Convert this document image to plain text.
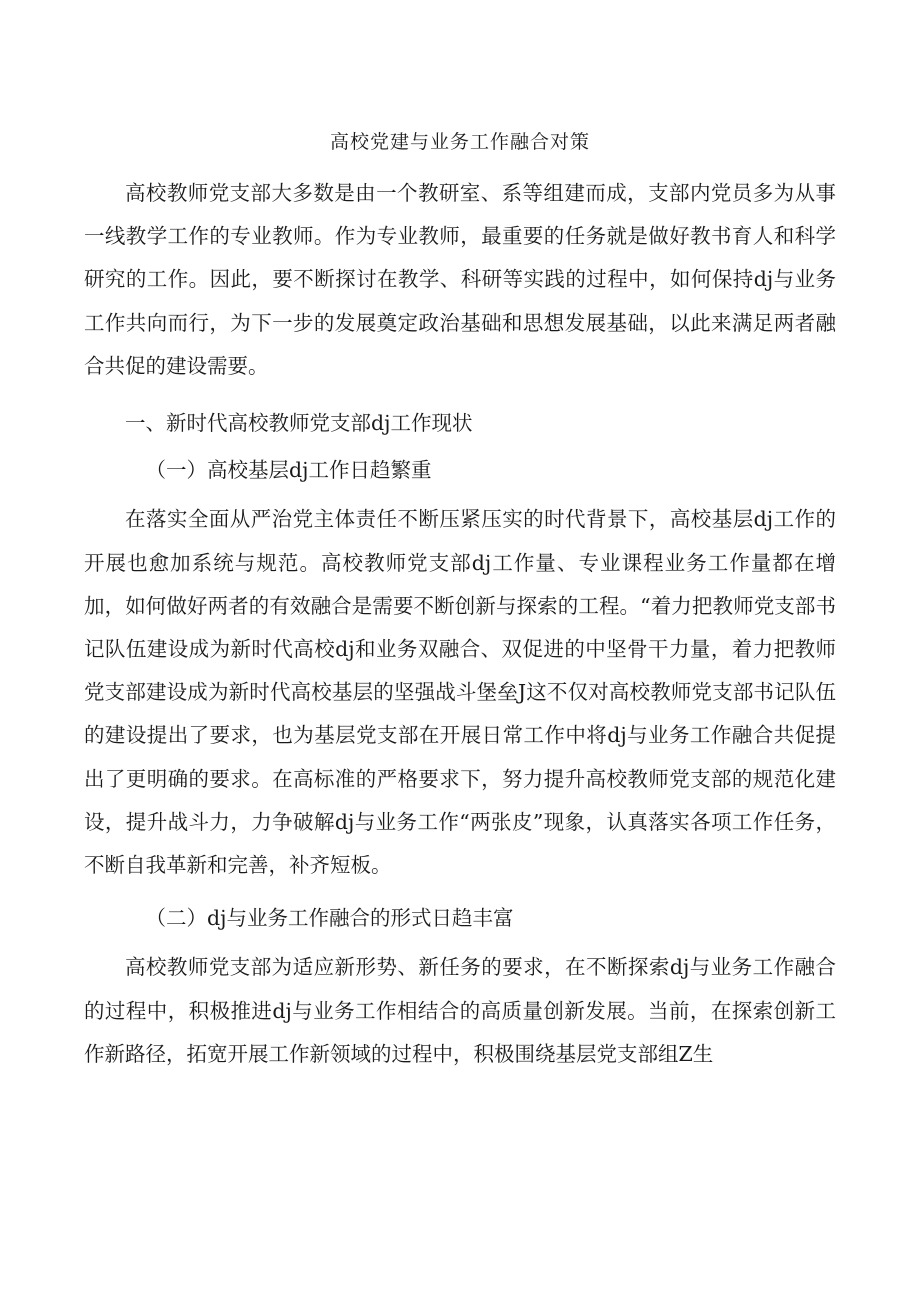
高校党建与业务工作融合对策

高校教师党支部大多数是由一个教研室、系等组建而成，支部内党员多为从事一线教学工作的专业教师。作为专业教师，最重要的任务就是做好教书育人和科学研究的工作。因此，要不断探讨在教学、科研等实践的过程中，如何保持dj与业务工作共向而行，为下一步的发展奠定政治基础和思想发展基础，以此来满足两者融合共促的建设需要。

一、新时代高校教师党支部dj工作现状

（一）高校基层dj工作日趋繁重

在落实全面从严治党主体责任不断压紧压实的时代背景下，高校基层dj工作的开展也愈加系统与规范。高校教师党支部dj工作量、专业课程业务工作量都在增加，如何做好两者的有效融合是需要不断创新与探索的工程。“着力把教师党支部书记队伍建设成为新时代高校dj和业务双融合、双促进的中坚骨干力量，着力把教师党支部建设成为新时代高校基层的坚强战斗堡垒J这不仅对高校教师党支部书记队伍的建设提出了要求，也为基层党支部在开展日常工作中将dj与业务工作融合共促提出了更明确的要求。在高标准的严格要求下，努力提升高校教师党支部的规范化建设，提升战斗力，力争破解dj与业务工作“两张皮”现象，认真落实各项工作任务，不断自我革新和完善，补齐短板。

（二）dj与业务工作融合的形式日趋丰富

高校教师党支部为适应新形势、新任务的要求，在不断探索dj与业务工作融合的过程中，积极推进dj与业务工作相结合的高质量创新发展。当前，在探索创新工作新路径，拓宽开展工作新领域的过程中，积极围绕基层党支部组Z生
